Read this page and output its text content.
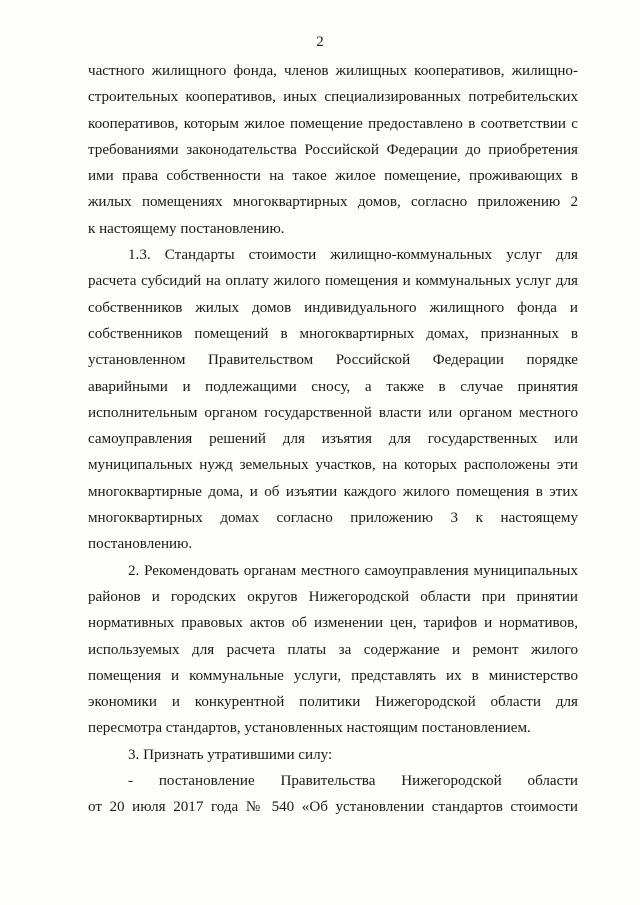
2
частного жилищного фонда, членов жилищных кооперативов, жилищно-
строительных кооперативов, иных специализированных потребительских
кооперативов, которым жилое помещение предоставлено в соответствии с
требованиями законодательства Российской Федерации до приобретения
ими права собственности на такое жилое помещение, проживающих в
жилых помещениях многоквартирных домов, согласно приложению 2
к настоящему постановлению.
1.3. Стандарты стоимости жилищно-коммунальных услуг для
расчета субсидий на оплату жилого помещения и коммунальных услуг для
собственников жилых домов индивидуального жилищного фонда и
собственников помещений в многоквартирных домах, признанных в
установленном Правительством Российской Федерации порядке
аварийными и подлежащими сносу, а также в случае принятия
исполнительным органом государственной власти или органом местного
самоуправления решений для изъятия для государственных или
муниципальных нужд земельных участков, на которых расположены эти
многоквартирные дома, и об изъятии каждого жилого помещения в этих
многоквартирных домах согласно приложению 3 к настоящему
постановлению.
2. Рекомендовать органам местного самоуправления муниципальных
районов и городских округов Нижегородской области при принятии
нормативных правовых актов об изменении цен, тарифов и нормативов,
используемых для расчета платы за содержание и ремонт жилого
помещения и коммунальные услуги, представлять их в министерство
экономики и конкурентной политики Нижегородской области для
пересмотра стандартов, установленных настоящим постановлением.
3. Признать утратившими силу:
- постановление Правительства Нижегородской области
от 20 июля 2017 года № 540 «Об установлении стандартов стоимости
